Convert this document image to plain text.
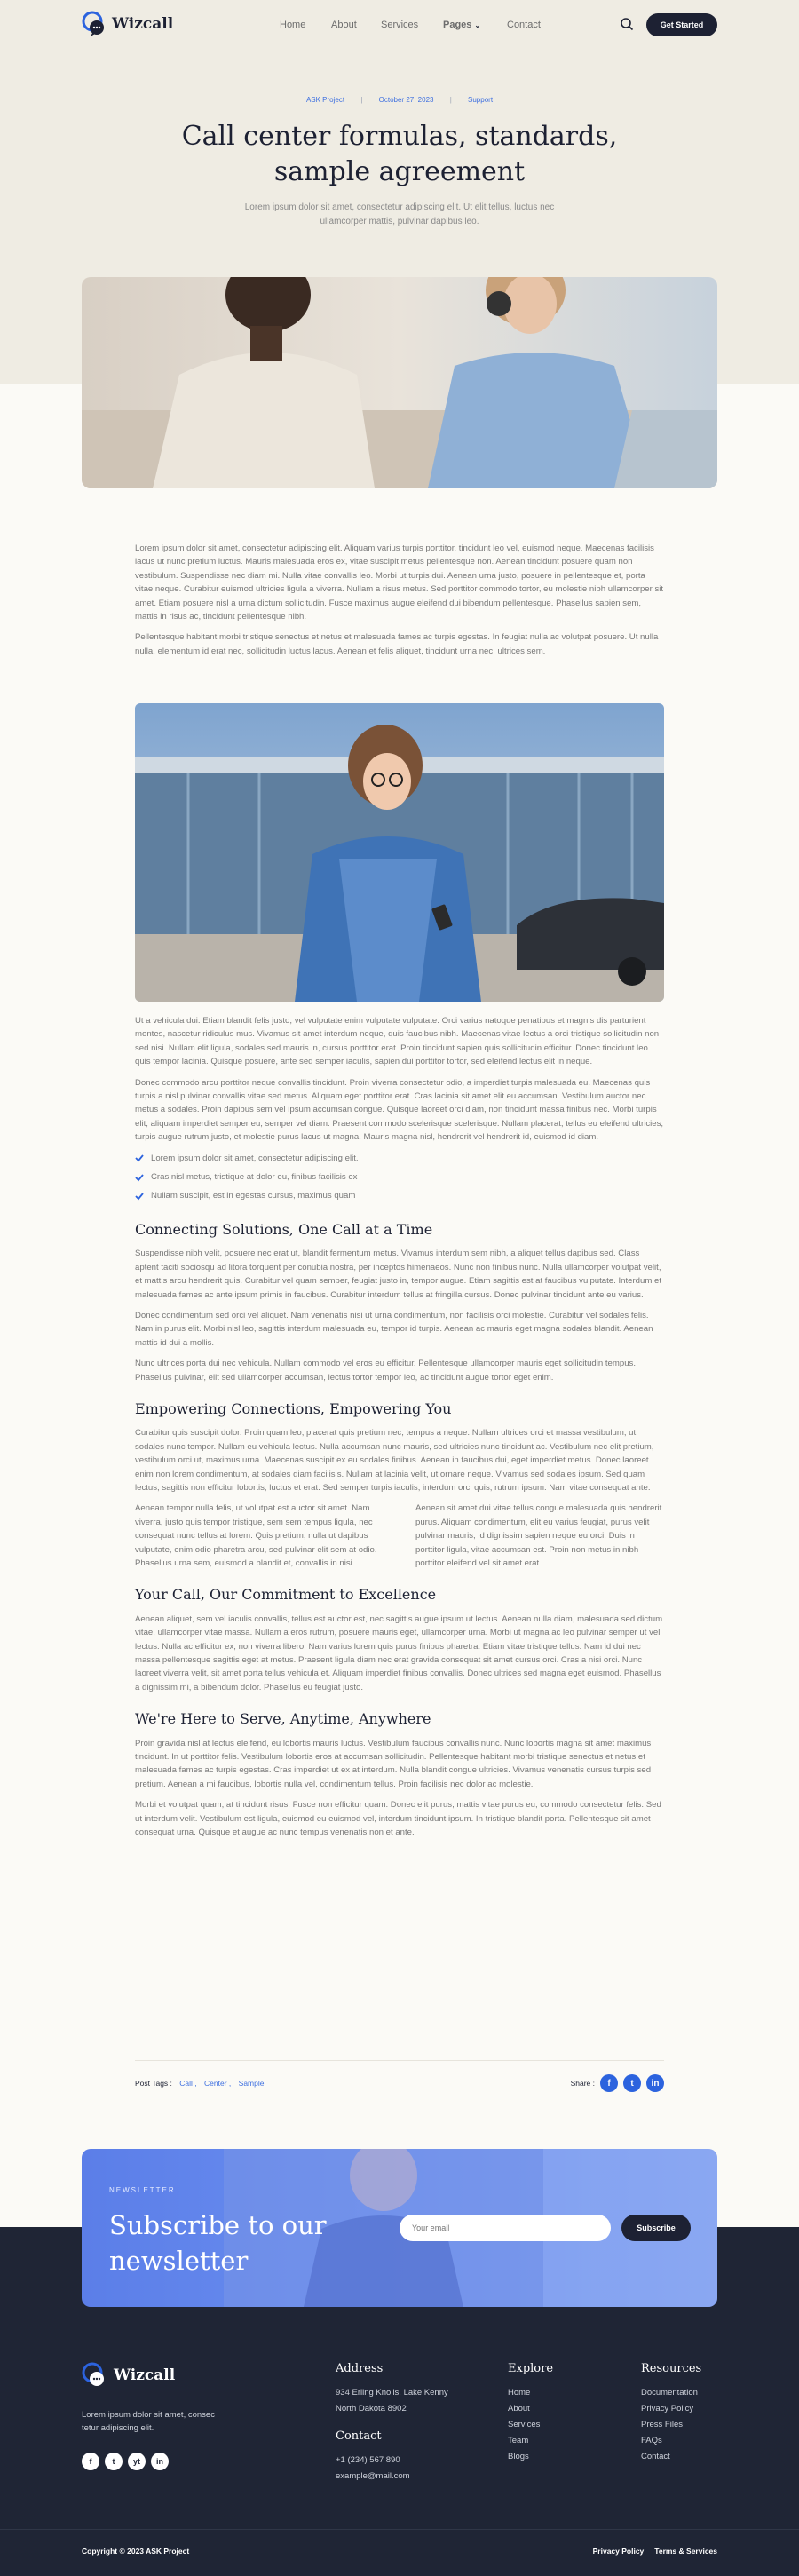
Wizcall	Home	About Services	Pages ⌄	Contact	Get Started
ASK Project | October 27, 2023 | Support
Call center formulas, standards, sample agreement

Lorem ipsum dolor sit amet, consectetur adipiscing elit. Ut elit tellus, luctus nec ullamcorper mattis, pulvinar dapibus leo.

Lorem ipsum dolor sit amet, consectetur adipiscing elit. Aliquam varius turpis porttitor, tincidunt leo vel, euismod neque. Maecenas facilisis lacus ut nunc pretium luctus. Mauris malesuada eros ex, vitae suscipit metus pellentesque non. Aenean tincidunt posuere quam non vestibulum. Suspendisse nec diam mi. Nulla vitae convallis leo. Morbi ut turpis dui. Aenean urna justo, posuere in pellentesque et, porta vitae neque. Curabitur euismod ultricies ligula a viverra. Nullam a risus metus. Sed porttitor commodo tortor, eu molestie nibh ullamcorper sit amet. Etiam posuere nisl a urna dictum sollicitudin. Fusce maximus augue eleifend dui bibendum pellentesque. Phasellus sapien sem, mattis in risus ac, tincidunt pellentesque nibh.

Pellentesque habitant morbi tristique senectus et netus et malesuada fames ac turpis egestas. In feugiat nulla ac volutpat posuere. Ut nulla nulla, elementum id erat nec, sollicitudin luctus lacus. Aenean et felis aliquet, tincidunt urna nec, ultrices sem.

Ut a vehicula dui. Etiam blandit felis justo, vel vulputate enim vulputate vulputate. Orci varius natoque penatibus et magnis dis parturient montes, nascetur ridiculus mus. Vivamus sit amet interdum neque, quis faucibus nibh. Maecenas vitae lectus a orci tristique sollicitudin non sed nisi. Nullam elit ligula, sodales sed mauris in, cursus porttitor erat. Proin tincidunt sapien quis sollicitudin efficitur. Donec tincidunt leo quis tempor lacinia. Quisque posuere, ante sed semper iaculis, sapien dui porttitor tortor, sed eleifend lectus elit in neque.

Donec commodo arcu porttitor neque convallis tincidunt. Proin viverra consectetur odio, a imperdiet turpis malesuada eu. Maecenas quis turpis a nisl pulvinar convallis vitae sed metus. Aliquam eget porttitor erat. Cras lacinia sit amet elit eu accumsan. Vestibulum auctor nec metus a sodales. Proin dapibus sem vel ipsum accumsan congue. Quisque laoreet orci diam, non tincidunt massa finibus nec. Morbi turpis elit, aliquam imperdiet semper eu, semper vel diam. Praesent commodo scelerisque scelerisque. Nullam placerat, tellus eu eleifend ultricies, turpis augue rutrum justo, et molestie purus lacus ut magna. Mauris magna nisl, hendrerit vel hendrerit id, euismod id diam.

Lorem ipsum dolor sit amet, consectetur adipiscing elit.
Cras nisl metus, tristique at dolor eu, finibus facilisis ex
Nullam suscipit, est in egestas cursus, maximus quam
Connecting Solutions, One Call at a Time

Suspendisse nibh velit, posuere nec erat ut, blandit fermentum metus. Vivamus interdum sem nibh, a aliquet tellus dapibus sed. Class aptent taciti sociosqu ad litora torquent per conubia nostra, per inceptos himenaeos. Nunc non finibus nunc. Nulla ullamcorper volutpat velit, et mattis arcu hendrerit quis. Curabitur vel quam semper, feugiat justo in, tempor augue. Etiam sagittis est at faucibus vulputate. Interdum et malesuada fames ac ante ipsum primis in faucibus. Curabitur interdum tellus at fringilla cursus. Donec pulvinar tincidunt ante eu varius.

Donec condimentum sed orci vel aliquet. Nam venenatis nisi ut urna condimentum, non facilisis orci molestie. Curabitur vel sodales felis. Nam in purus elit. Morbi nisl leo, sagittis interdum malesuada eu, tempor id turpis. Aenean ac mauris eget magna sodales blandit. Aenean mattis id dui a mollis.

Nunc ultrices porta dui nec vehicula. Nullam commodo vel eros eu efficitur. Pellentesque ullamcorper mauris eget sollicitudin tempus. Phasellus pulvinar, elit sed ullamcorper accumsan, lectus tortor tempor leo, ac tincidunt augue tortor eget enim.

Empowering Connections, Empowering You

Curabitur quis suscipit dolor. Proin quam leo, placerat quis pretium nec, tempus a neque. Nullam ultrices orci et massa vestibulum, ut sodales nunc tempor. Nullam eu vehicula lectus. Nulla accumsan nunc mauris, sed ultricies nunc tincidunt ac. Vestibulum nec elit pretium, vestibulum orci ut, maximus urna. Maecenas suscipit ex eu sodales finibus. Aenean in faucibus dui, eget imperdiet metus. Donec laoreet enim non lorem condimentum, at sodales diam facilisis. Nullam at lacinia velit, ut ornare neque. Vivamus sed sodales ipsum. Sed quam lectus, sagittis non efficitur lobortis, luctus et erat. Sed semper turpis iaculis, interdum orci quis, rutrum ipsum. Nam vitae consequat ante.

Aenean tempor nulla felis, ut volutpat est auctor sit amet. Nam viverra, justo quis tempor tristique, sem sem tempus ligula, nec consequat nunc tellus at lorem. Quis pretium, nulla ut dapibus vulputate, enim odio pharetra arcu, sed pulvinar elit sem at odio. Phasellus urna sem, euismod a blandit et, convallis in nisi.

Aenean sit amet dui vitae tellus congue malesuada quis hendrerit purus. Aliquam condimentum, elit eu varius feugiat, purus velit pulvinar mauris, id dignissim sapien neque eu orci. Duis in porttitor ligula, vitae accumsan est. Proin non metus in nibh porttitor eleifend vel sit amet erat.

Your Call, Our Commitment to Excellence

Aenean aliquet, sem vel iaculis convallis, tellus est auctor est, nec sagittis augue ipsum ut lectus. Aenean nulla diam, malesuada sed dictum vitae, ullamcorper vitae massa. Nullam a eros rutrum, posuere mauris eget, ullamcorper urna. Morbi ut magna ac leo pulvinar semper ut vel lectus. Nulla ac efficitur ex, non viverra libero. Nam varius lorem quis purus finibus pharetra. Etiam vitae tristique tellus. Nam id dui nec massa pellentesque sagittis eget at metus. Praesent ligula diam nec erat gravida consequat sit amet cursus orci. Cras a nisi orci. Nunc laoreet viverra velit, sit amet porta tellus vehicula et. Aliquam imperdiet finibus convallis. Donec ultrices sed magna eget euismod. Phasellus a dignissim mi, a bibendum dolor. Phasellus eu feugiat justo.

We're Here to Serve, Anytime, Anywhere

Proin gravida nisl at lectus eleifend, eu lobortis mauris luctus. Vestibulum faucibus convallis nunc. Nunc lobortis magna sit amet maximus tincidunt. In ut porttitor felis. Vestibulum lobortis eros at accumsan sollicitudin. Pellentesque habitant morbi tristique senectus et netus et malesuada fames ac turpis egestas. Cras imperdiet ut ex at interdum. Nulla blandit congue ultricies. Vivamus venenatis cursus turpis sed pretium. Aenean a mi faucibus, lobortis nulla vel, condimentum tellus. Proin facilisis nec dolor ac molestie.

Morbi et volutpat quam, at tincidunt risus. Fusce non efficitur quam. Donec elit purus, mattis vitae purus eu, commodo consectetur felis. Sed ut interdum velit. Vestibulum est ligula, euismod eu euismod vel, interdum tincidunt ipsum. In tristique blandit porta. Pellentesque sit amet consequat urna. Quisque et augue ac nunc tempus venenatis non et ante.

Post Tags : Call , Center , Sample	Share :	f	t	in
NEWSLETTER
Subscribe to our newsletter
Your email
Subscribe
Wizcall
Lorem ipsum dolor sit amet, consec tetur adipiscing elit.
f	t	yt	in
Address
934 Erling Knolls, Lake Kenny
North Dakota 8902
Contact
+1 (234) 567 890
example@mail.com
Explore
Home
About
Services
Team
Blogs
Resources
Documentation
Privacy Policy
Press Files
FAQs
Contact
Copyright © 2023 ASK Project	Privacy Policy Terms & Services
